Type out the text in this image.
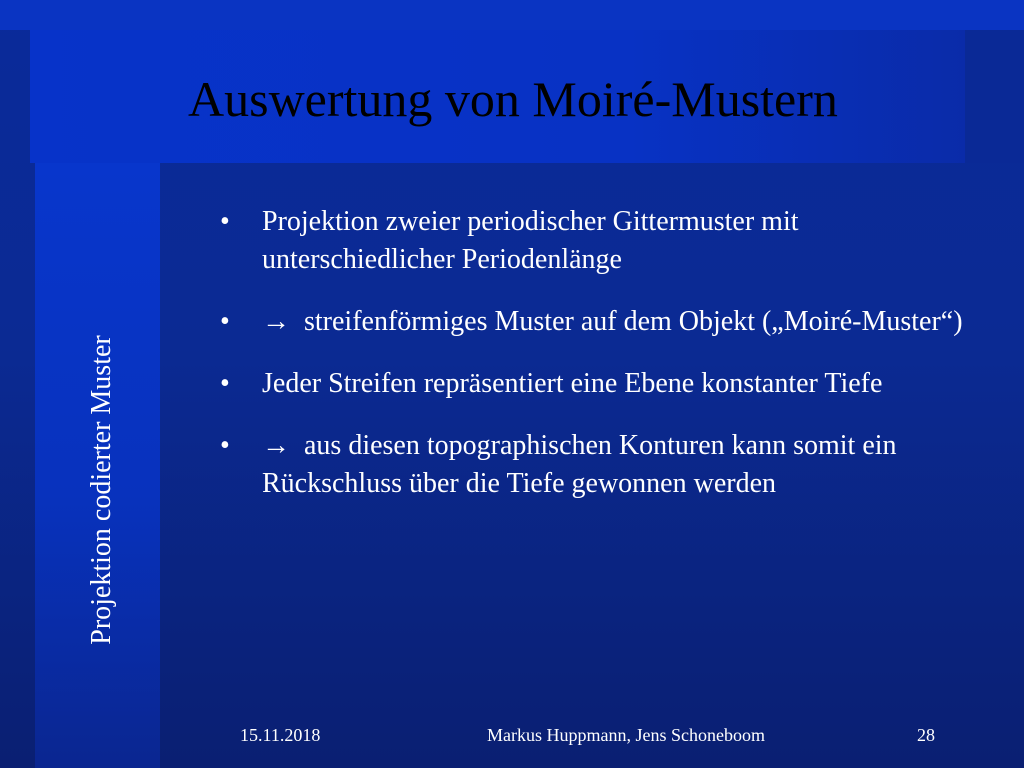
Auswertung von Moiré-Mustern
Projektion codierter Muster
• Projektion zweier periodischer Gittermuster mit unterschiedlicher Periodenlänge
• → streifenförmiges Muster auf dem Objekt („Moiré-Muster“)
• Jeder Streifen repräsentiert eine Ebene konstanter Tiefe
• → aus diesen topographischen Konturen kann somit ein Rückschluss über die Tiefe gewonnen werden
15.11.2018	Markus Huppmann, Jens Schoneboom	28
